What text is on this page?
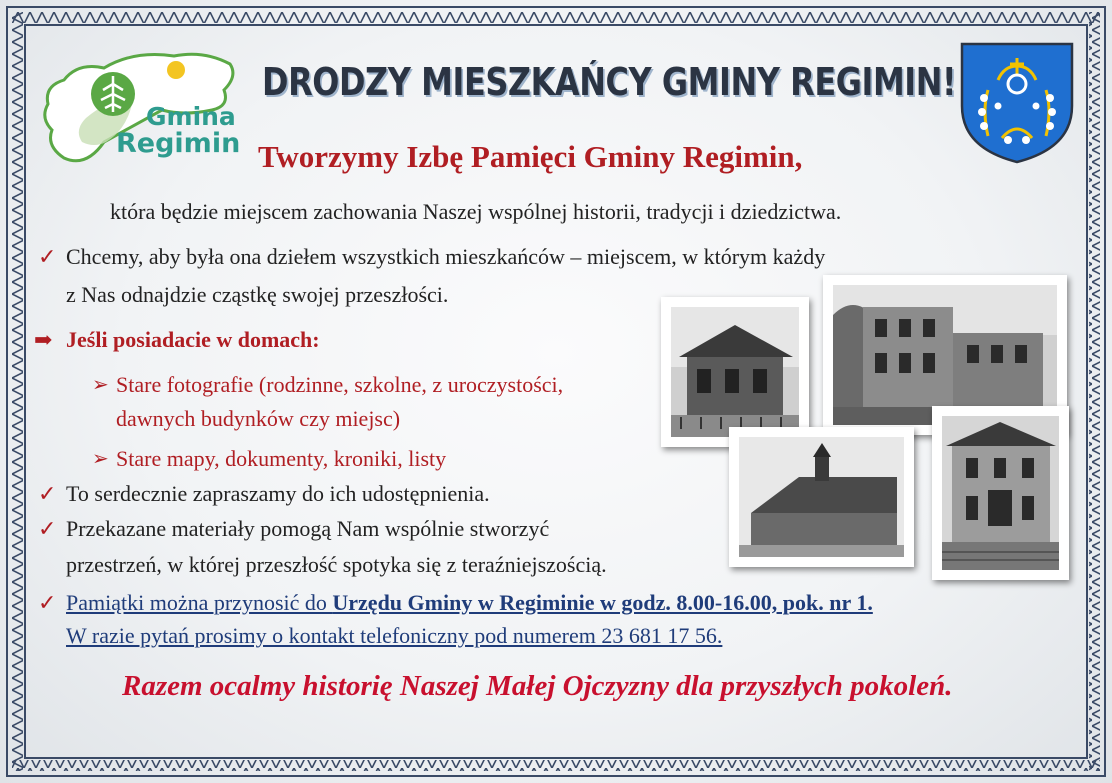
Gmina
Regimin
DRODZY MIESZKAŃCY GMINY REGIMIN!
Tworzymy Izbę Pamięci Gminy Regimin,
która będzie miejscem zachowania Naszej wspólnej historii, tradycji i dziedzictwa.
✓ Chcemy, aby była ona dziełem wszystkich mieszkańców – miejscem, w którym każdy
z Nas odnajdzie cząstkę swojej przeszłości.
➡ Jeśli posiadacie w domach:
➢ Stare fotografie (rodzinne, szkolne, z uroczystości,
dawnych budynków czy miejsc)
➢ Stare mapy, dokumenty, kroniki, listy
✓ To serdecznie zapraszamy do ich udostępnienia.
✓ Przekazane materiały pomogą Nam wspólnie stworzyć
przestrzeń, w której przeszłość spotyka się z teraźniejszością.
✓ Pamiątki można przynosić do Urzędu Gminy w Regiminie w godz. 8.00-16.00, pok. nr 1.
W razie pytań prosimy o kontakt telefoniczny pod numerem 23 681 17 56.
Razem ocalmy historię Naszej Małej Ojczyzny dla przyszłych pokoleń.
